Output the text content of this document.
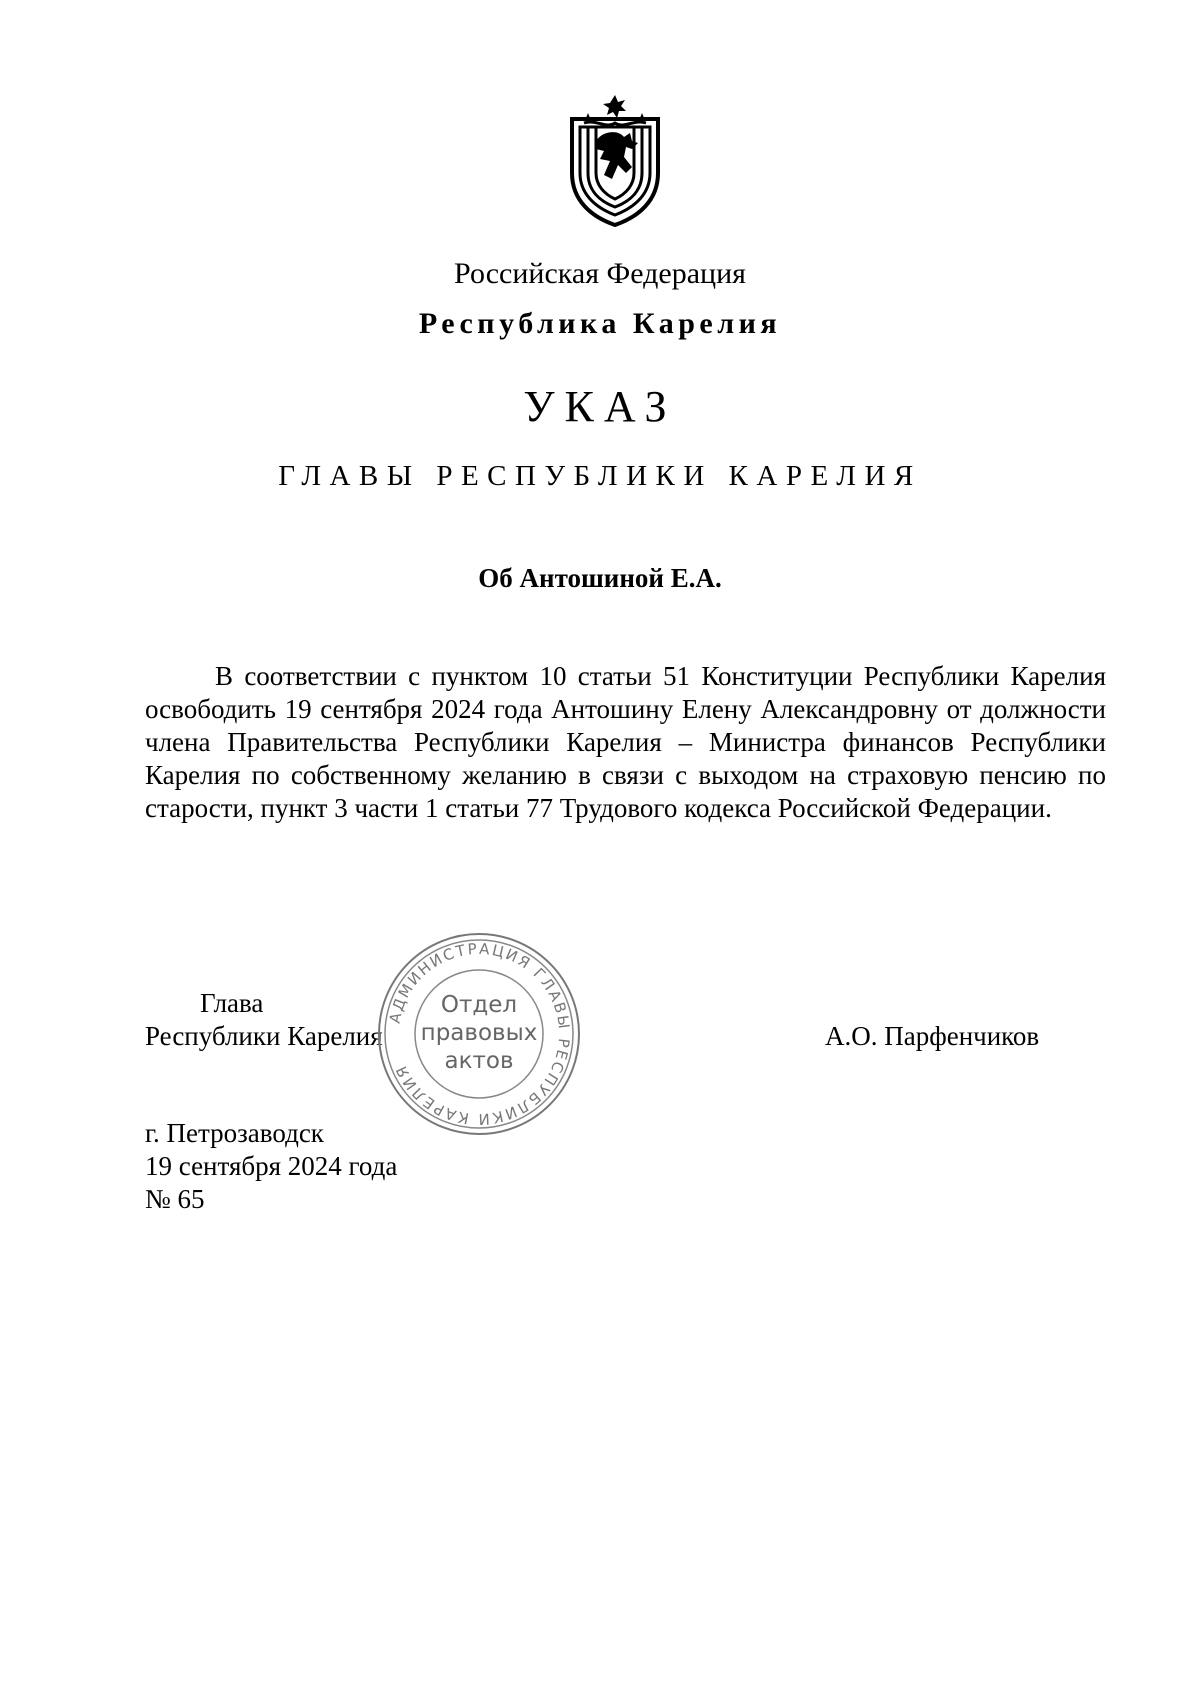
Российская Федерация
Республика Карелия
УКАЗ
ГЛАВЫ РЕСПУБЛИКИ КАРЕЛИЯ
Об Антошиной Е.А.
В соответствии с пунктом 10 статьи 51 Конституции Республики Карелия освободить 19 сентября 2024 года Антошину Елену Александровну от должности члена Правительства Республики Карелия – Министра финансов Республики Карелия по собственному желанию в связи с выходом на страховую пенсию по старости, пункт 3 части 1 статьи 77 Трудового кодекса Российской Федерации.
Глава
Республики Карелия	А.О. Парфенчиков
АДМИНИСТРАЦИЯ ГЛАВЫ РЕСПУБЛИКИ КАРЕЛИЯ
Отдел
правовых
актов
г. Петрозаводск
19 сентября 2024 года
№ 65
